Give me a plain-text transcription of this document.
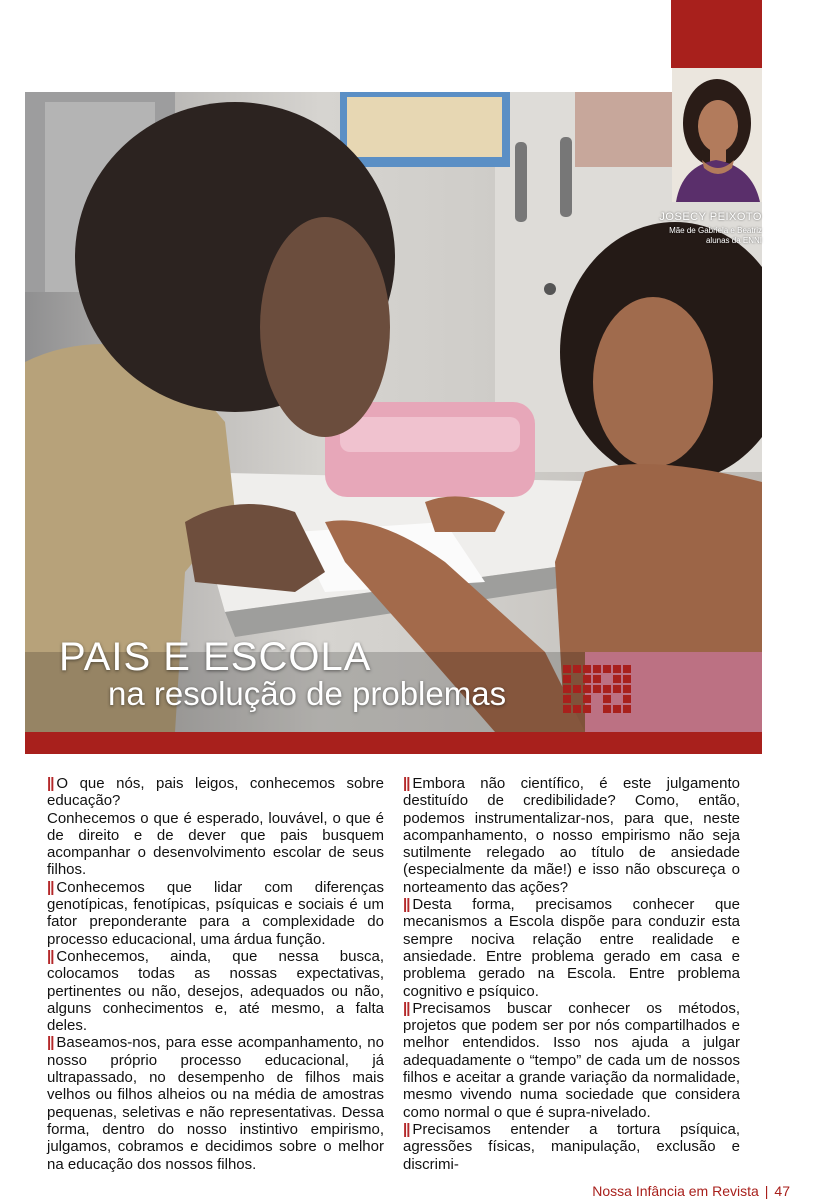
JOSECY PEIXOTO
Mãe de Gabriela e Beatriz
alunas da ENNI
PAIS E ESCOLA
na resolução de problemas

|| O que nós, pais leigos, conhecemos sobre educação?

Conhecemos o que é esperado, louvável, o que é de direito e de dever que pais busquem acompanhar o desenvolvimento escolar de seus filhos.

|| Conhecemos que lidar com diferenças genotípicas, fenotípicas, psíquicas e sociais é um fator preponderante para a complexidade do processo educacional, uma árdua função.

|| Conhecemos, ainda, que nessa busca, colocamos todas as nossas expectativas, pertinentes ou não, desejos, adequados ou não, alguns conhecimentos e, até mesmo, a falta deles.

|| Baseamos-nos, para esse acompanhamento, no nosso próprio processo educacional, já ultrapassado, no desempenho de filhos mais velhos ou filhos alheios ou na média de amostras pequenas, seletivas e não representativas. Dessa forma, dentro do nosso instintivo empirismo, julgamos, cobramos e decidimos sobre o melhor na educação dos nossos filhos.

|| Embora não científico, é este julgamento destituído de credibilidade? Como, então, podemos instrumentalizar-nos, para que, neste acompanhamento, o nosso empirismo não seja sutilmente relegado ao título de ansiedade (especialmente da mãe!) e isso não obscureça o norteamento das ações?

|| Desta forma, precisamos conhecer que mecanismos a Escola dispõe para conduzir esta sempre nociva relação entre realidade e ansiedade. Entre problema gerado em casa e problema gerado na Escola. Entre problema cognitivo e psíquico.

|| Precisamos buscar conhecer os métodos, projetos que podem ser por nós compartilhados e melhor entendidos. Isso nos ajuda a julgar adequadamente o “tempo” de cada um de nossos filhos e aceitar a grande variação da normalidade, mesmo vivendo numa sociedade que considera como normal o que é supra-nivelado.

|| Precisamos entender a tortura psíquica, agressões físicas, manipulação, exclusão e discrimi-

Nossa Infância em Revista | 47
